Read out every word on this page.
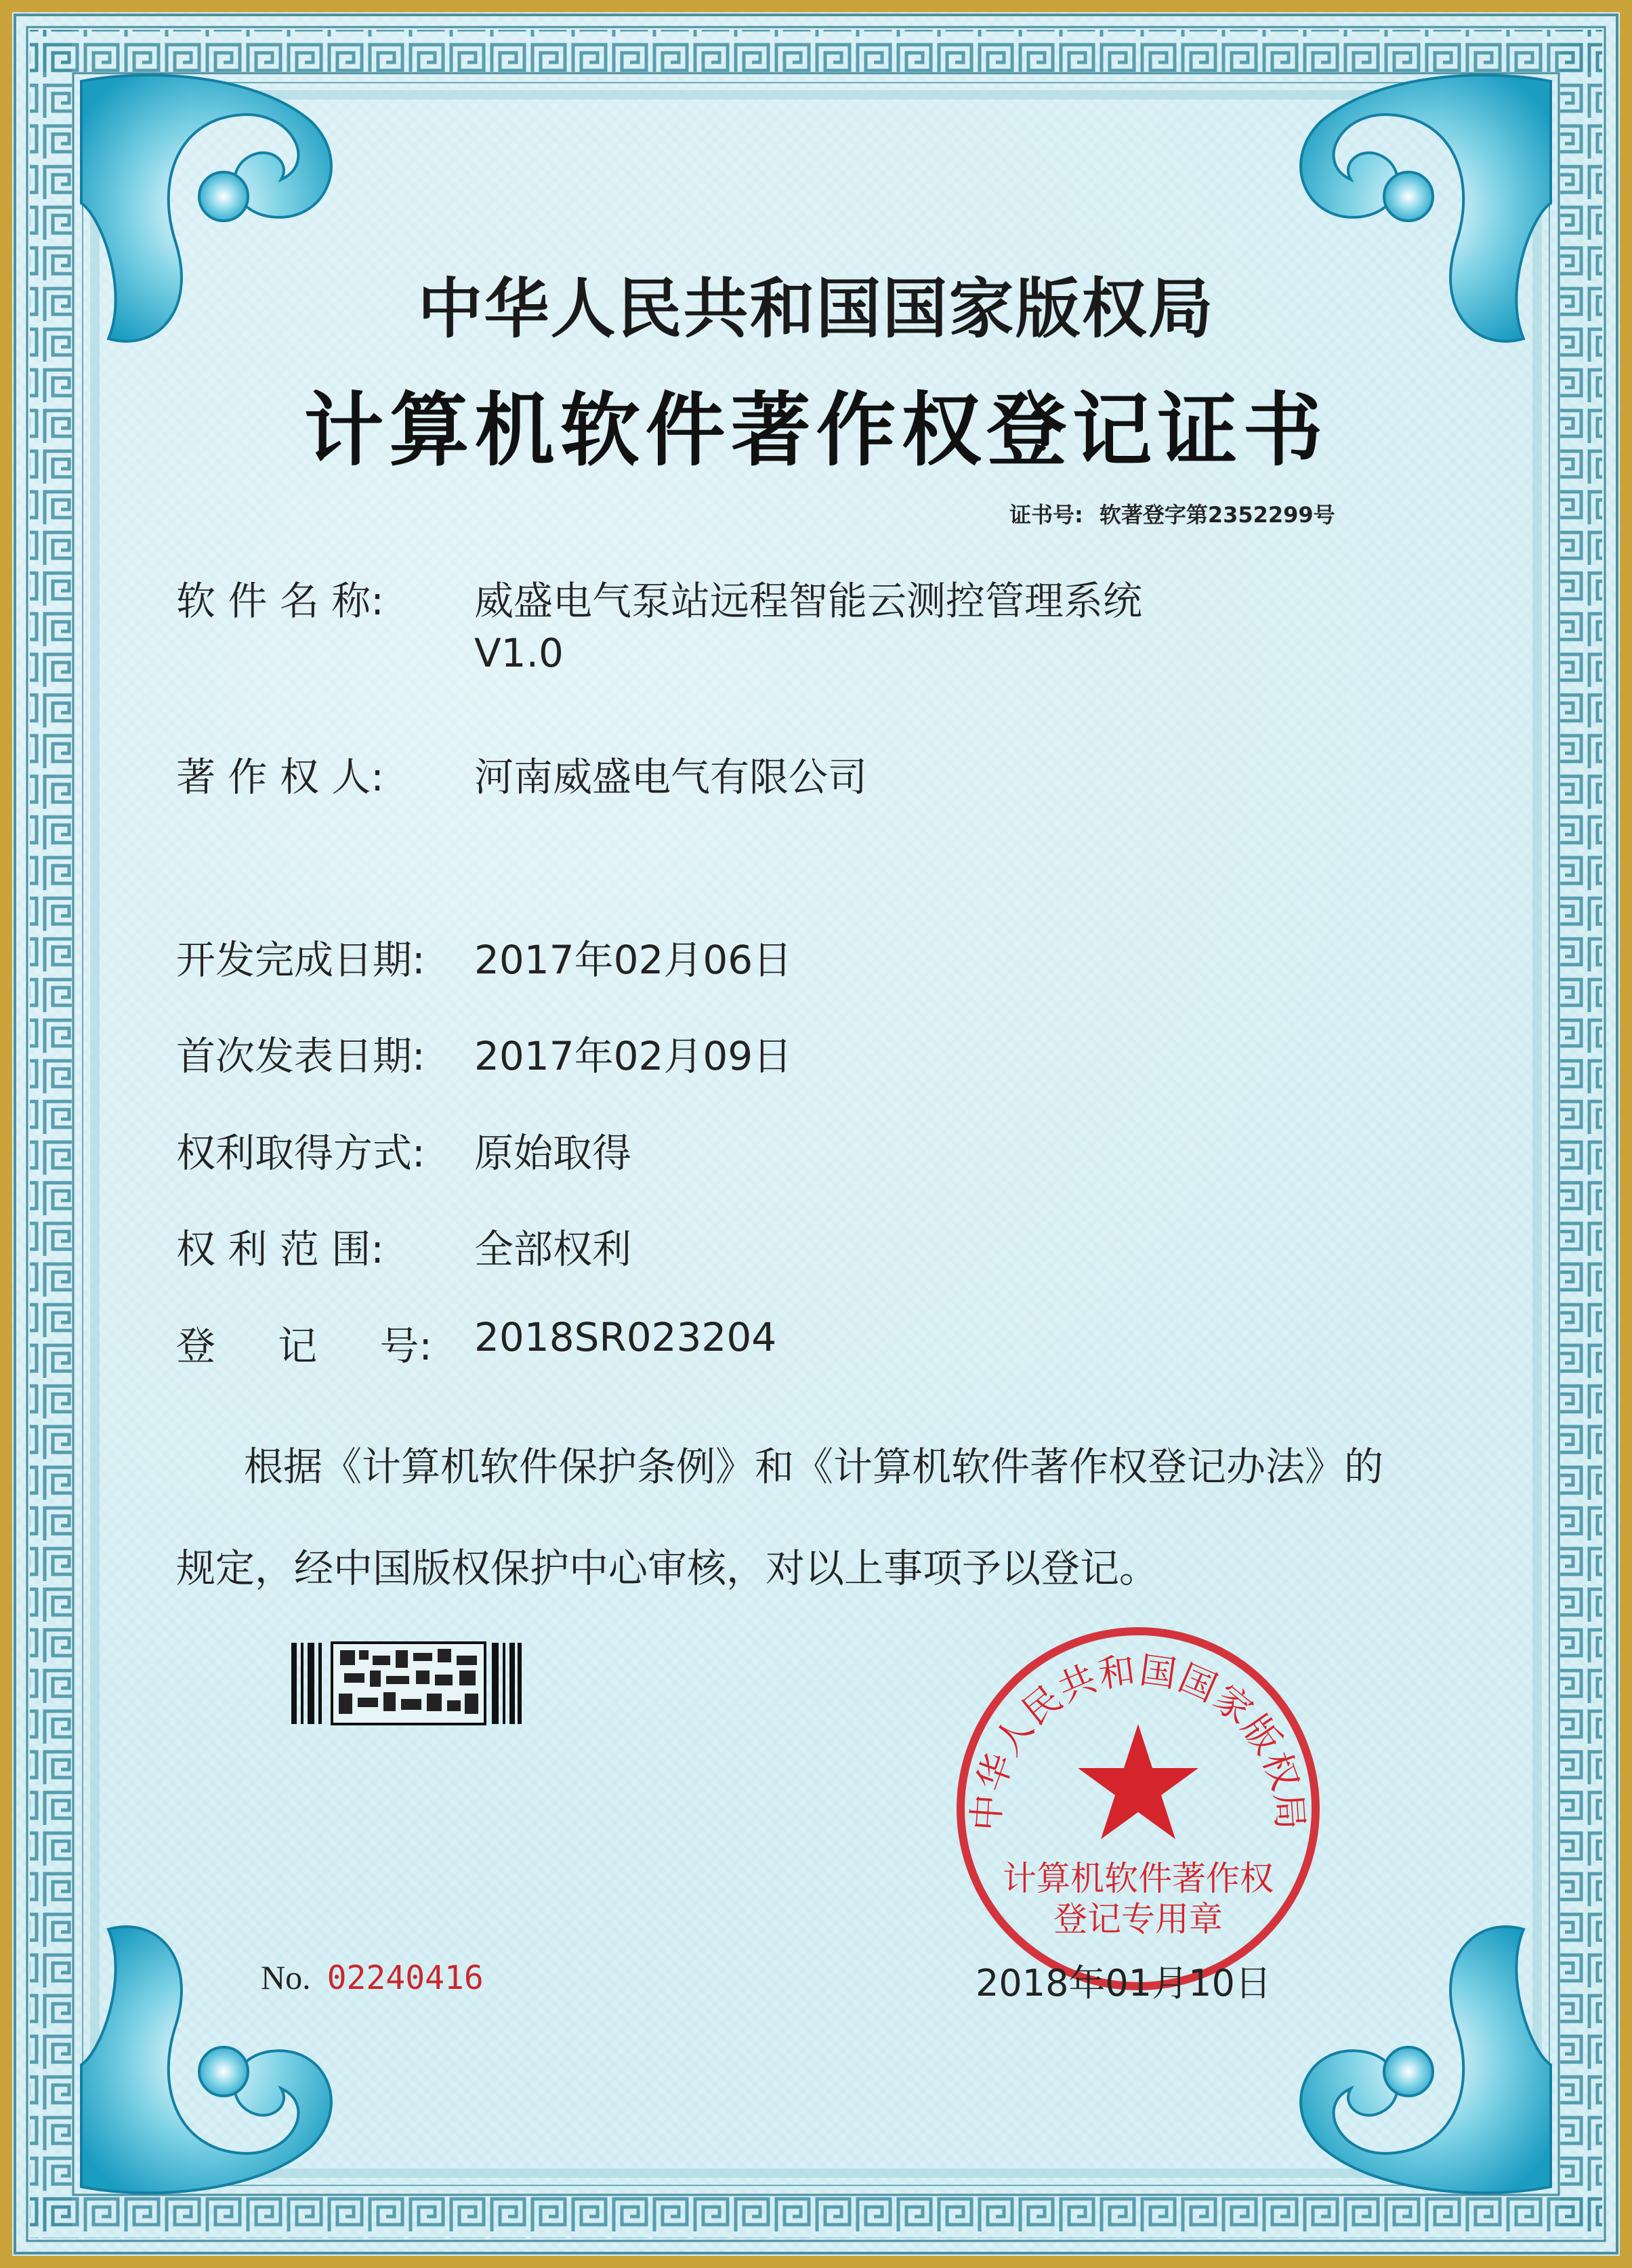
中华人民共和国国家版权局
计算机软件著作权登记证书
证书号: 软著登字第2352299号
软 件 名 称: 威盛电气泵站远程智能云测控管理系统
V1.0
著 作 权 人: 河南威盛电气有限公司
开发完成日期: 2017年02月06日
首次发表日期: 2017年02月09日
权利取得方式: 原始取得
权 利 范 围: 全部权利
登     记     号: 2018SR023204
根据《计算机软件保护条例》和《计算机软件著作权登记办法》的
规定，经中国版权保护中心审核，对以上事项予以登记。
No. 02240416
中华人民共和国国家版权局
计算机软件著作权
登记专用章
2018年01月10日
